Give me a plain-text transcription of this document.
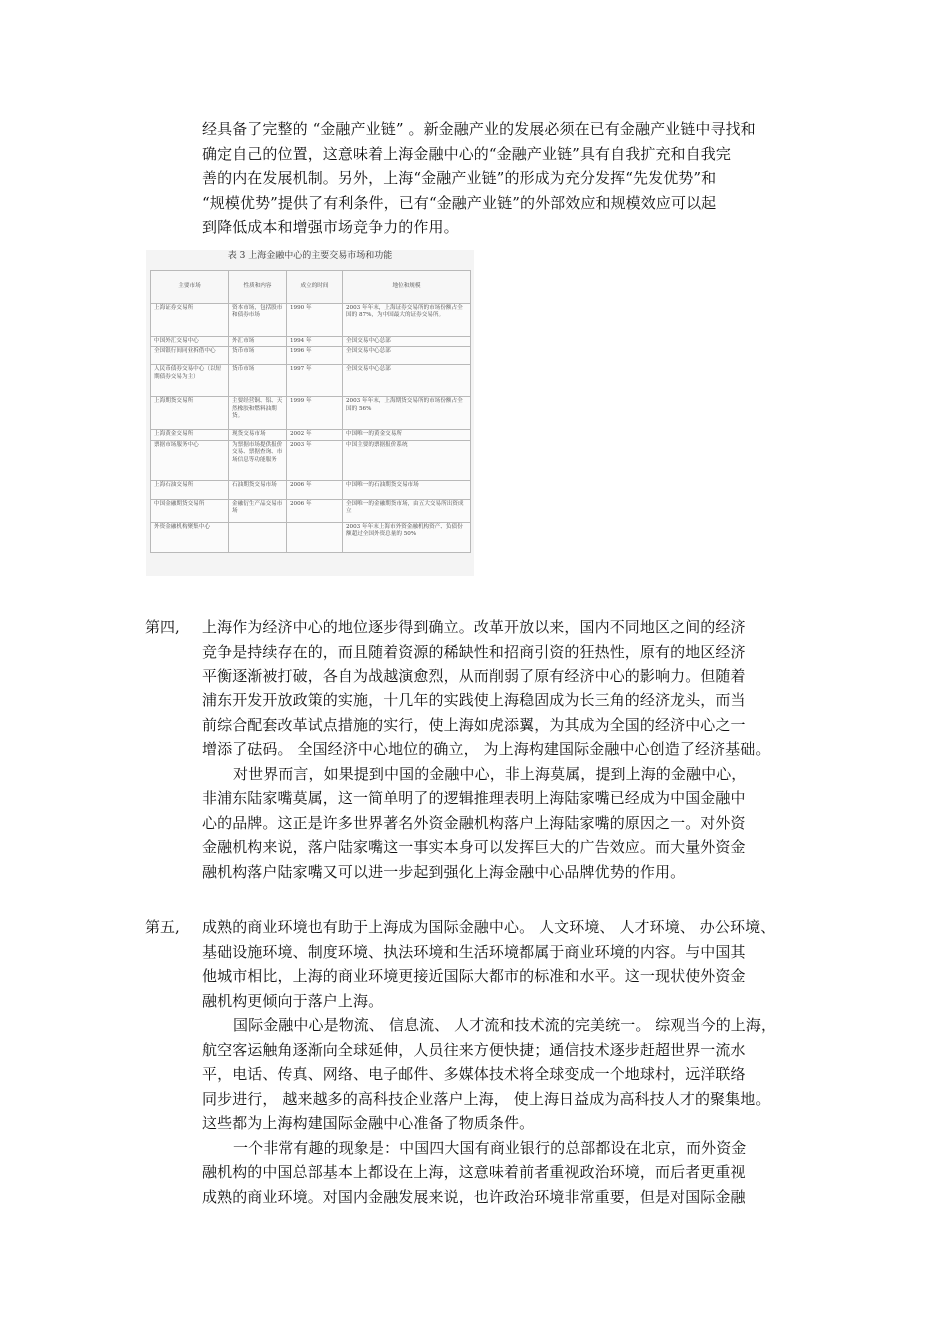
经具备了完整的 “金融产业链” 。新金融产业的发展必须在已有金融产业链中寻找和
确定自己的位置，这意味着上海金融中心的“金融产业链”具有自我扩充和自我完
善的内在发展机制。另外，上海“金融产业链”的形成为充分发挥“先发优势”和
“规模优势”提供了有利条件，已有“金融产业链”的外部效应和规模效应可以起
到降低成本和增强市场竞争力的作用。
表 3 上海金融中心的主要交易市场和功能
主要市场	性质和内容	成立的时间	地位和规模
上海证券交易所	资本市场，包括股市和债券市场	1990 年	2003 年年末，上海证券交易所的市场份额占全国的 87%，为中国最大的证券交易所。
中国外汇交易中心	外汇市场	1994 年	全国交易中心总部
全国银行间同业拆借中心	货币市场	1996 年	全国交易中心总部
人民币债券交易中心（以短期债券交易为主）	货币市场	1997 年	全国交易中心总部
上海期货交易所	主要经营铜、铝、天然橡胶和燃料油期货。	1999 年	2003 年年末，上海期货交易所的市场份额占全国的 56%
上海黄金交易所	现货交易市场	2002 年	中国唯一的黄金交易所
票据市场服务中心	为票据市场提供报价交易、票据查询、市场信息等功能服务	2003 年	中国主要的票据报价系统
上海石油交易所	石油期货交易市场	2006 年	中国唯一的石油期货交易市场
中国金融期货交易所	金融衍生产品交易市场	2006 年	全国唯一的金融期货市场，由五大交易所出资成立
外资金融机构聚集中心			2003 年年末上海市外资金融机构资产、负债份额超过全国外资总量的 50%
第四, 上海作为经济中心的地位逐步得到确立。改革开放以来，国内不同地区之间的经济
竞争是持续存在的，而且随着资源的稀缺性和招商引资的狂热性，原有的地区经济
平衡逐渐被打破，各自为战越演愈烈，从而削弱了原有经济中心的影响力。但随着
浦东开发开放政策的实施，十几年的实践使上海稳固成为长三角的经济龙头，而当
前综合配套改革试点措施的实行，使上海如虎添翼，为其成为全国的经济中心之一
增添了砝码。 全国经济中心地位的确立， 为上海构建国际金融中心创造了经济基础。
对世界而言，如果提到中国的金融中心，非上海莫属，提到上海的金融中心，
非浦东陆家嘴莫属，这一简单明了的逻辑推理表明上海陆家嘴已经成为中国金融中
心的品牌。这正是许多世界著名外资金融机构落户上海陆家嘴的原因之一。对外资
金融机构来说，落户陆家嘴这一事实本身可以发挥巨大的广告效应。而大量外资金
融机构落户陆家嘴又可以进一步起到强化上海金融中心品牌优势的作用。
第五, 成熟的商业环境也有助于上海成为国际金融中心。 人文环境、 人才环境、 办公环境、
基础设施环境、制度环境、执法环境和生活环境都属于商业环境的内容。与中国其
他城市相比，上海的商业环境更接近国际大都市的标准和水平。这一现状使外资金
融机构更倾向于落户上海。
国际金融中心是物流、 信息流、 人才流和技术流的完美统一。 综观当今的上海，
航空客运触角逐渐向全球延伸，人员往来方便快捷；通信技术逐步赶超世界一流水
平，电话、传真、网络、电子邮件、多媒体技术将全球变成一个地球村，远洋联络
同步进行， 越来越多的高科技企业落户上海， 使上海日益成为高科技人才的聚集地。
这些都为上海构建国际金融中心准备了物质条件。
一个非常有趣的现象是：中国四大国有商业银行的总部都设在北京，而外资金
融机构的中国总部基本上都设在上海，这意味着前者重视政治环境，而后者更重视
成熟的商业环境。对国内金融发展来说，也许政治环境非常重要，但是对国际金融
